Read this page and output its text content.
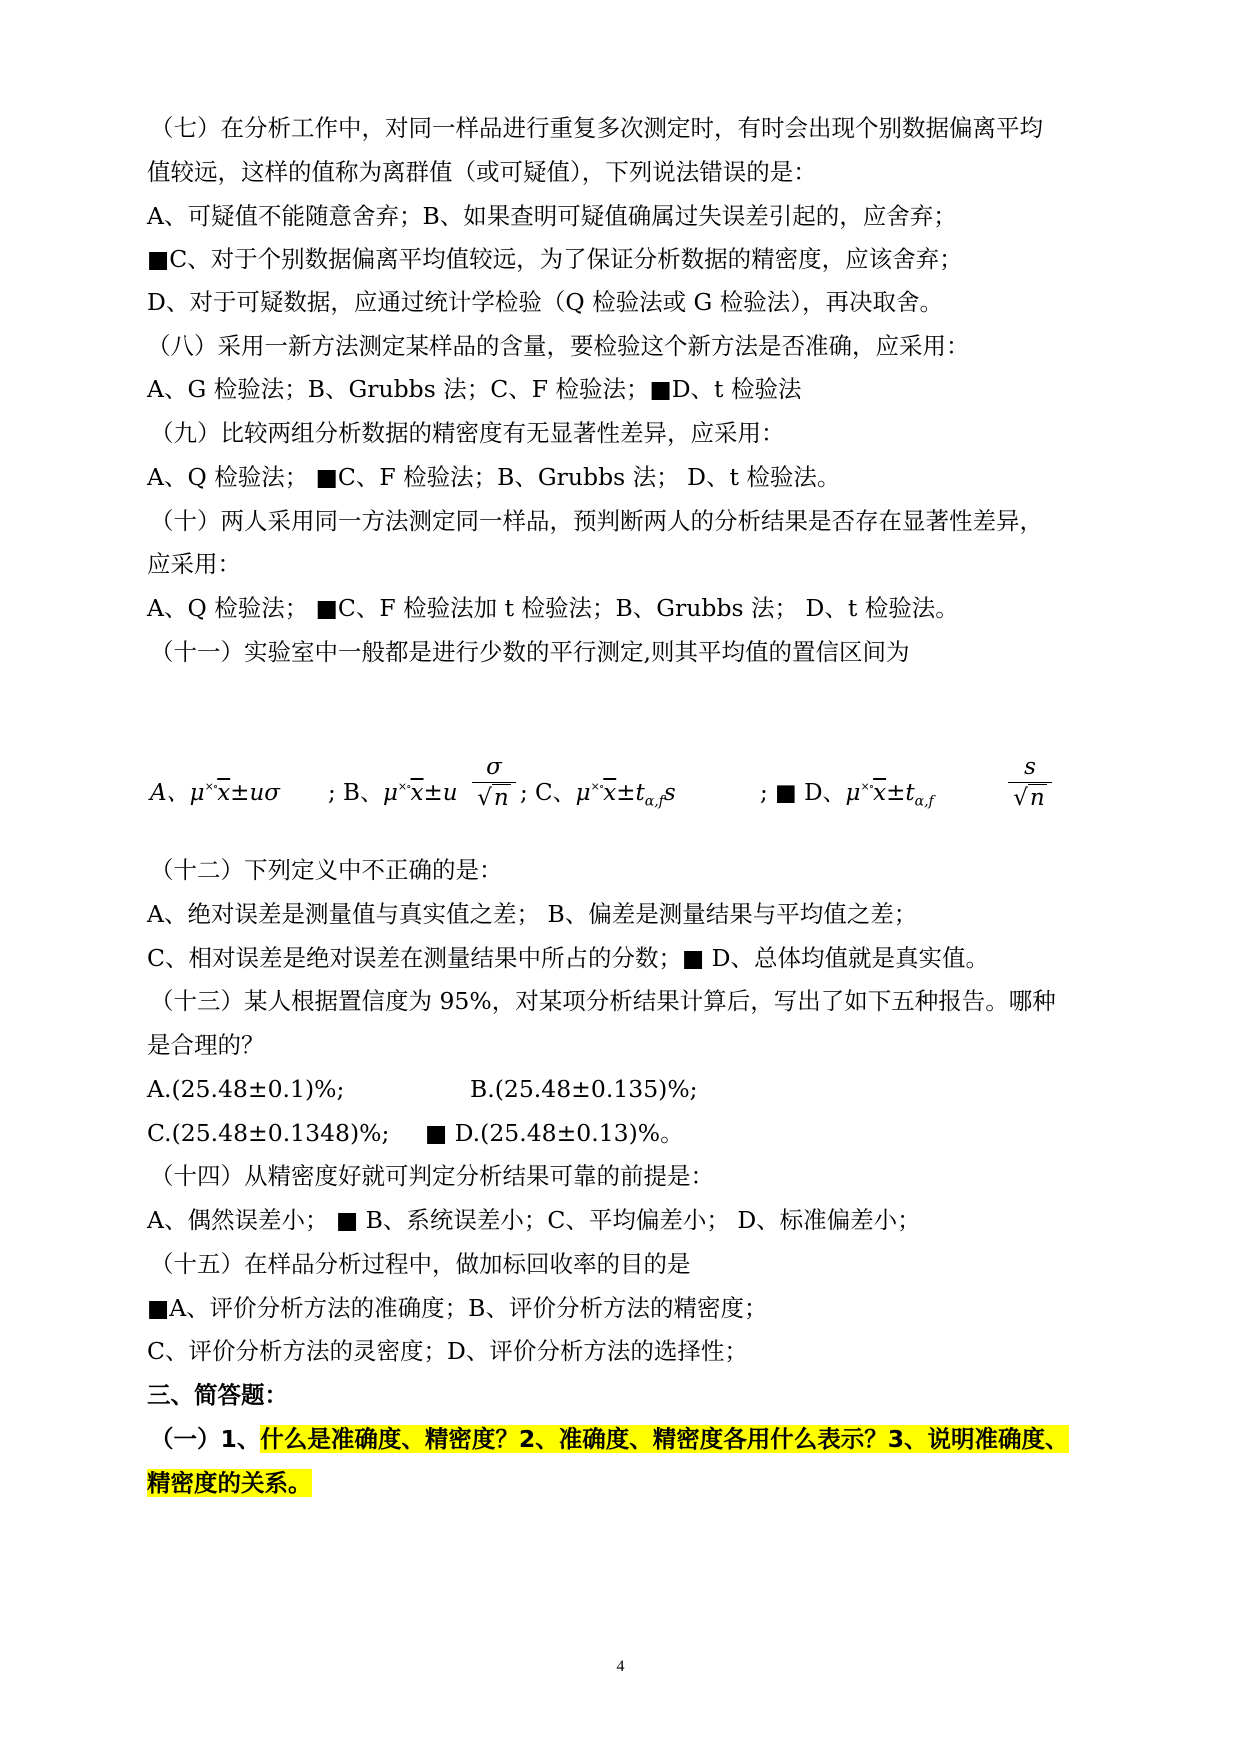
（七）在分析工作中，对同一样品进行重复多次测定时，有时会出现个别数据偏离平均
值较远，这样的值称为离群值（或可疑值），下列说法错误的是：
A、可疑值不能随意舍弃；B、如果查明可疑值确属过失误差引起的，应舍弃；
■C、对于个别数据偏离平均值较远，为了保证分析数据的精密度，应该舍弃；
D、对于可疑数据，应通过统计学检验（Q 检验法或 G 检验法），再决取舍。
（八）采用一新方法测定某样品的含量，要检验这个新方法是否准确，应采用：
A、G 检验法；B、Grubbs 法；C、F 检验法；■D、t 检验法
（九）比较两组分析数据的精密度有无显著性差异，应采用：
A、Q 检验法； ■C、F 检验法；B、Grubbs 法； D、t 检验法。
（十）两人采用同一方法测定同一样品，预判断两人的分析结果是否存在显著性差异，
应采用：
A、Q 检验法； ■C、F 检验法加 t 检验法；B、Grubbs 法； D、t 检验法。
（十一）实验室中一般都是进行少数的平行测定,则其平均值的置信区间为
A、$\mu^{\times\circ}\overline{x}\pm u\sigma$ ; B、$\mu^{\times\circ}\overline{x}\pm u$
σ
√n ; C、$\mu^{\times\circ}\overline{x}\pm t_{\alpha,f}s$	; ■ D、$\mu^{\times\circ}\overline{x}\pm t_{\alpha,f}$
s
√n
（十二）下列定义中不正确的是：
A、绝对误差是测量值与真实值之差； B、偏差是测量结果与平均值之差；
C、相对误差是绝对误差在测量结果中所占的分数；■ D、总体均值就是真实值。
（十三）某人根据置信度为 95%，对某项分析结果计算后，写出了如下五种报告。哪种
是合理的？
A.(25.48±0.1)%;	B.(25.48±0.135)%;
C.(25.48±0.1348)%; ■ D.(25.48±0.13)%。
（十四）从精密度好就可判定分析结果可靠的前提是：
A、偶然误差小； ■ B、系统误差小；C、平均偏差小； D、标准偏差小；
（十五）在样品分析过程中，做加标回收率的目的是
■A、评价分析方法的准确度；B、评价分析方法的精密度；
C、评价分析方法的灵密度；D、评价分析方法的选择性；
三、简答题：
（一）1、什么是准确度、精密度？2、准确度、精密度各用什么表示？3、说明准确度、
精密度的关系。
4
